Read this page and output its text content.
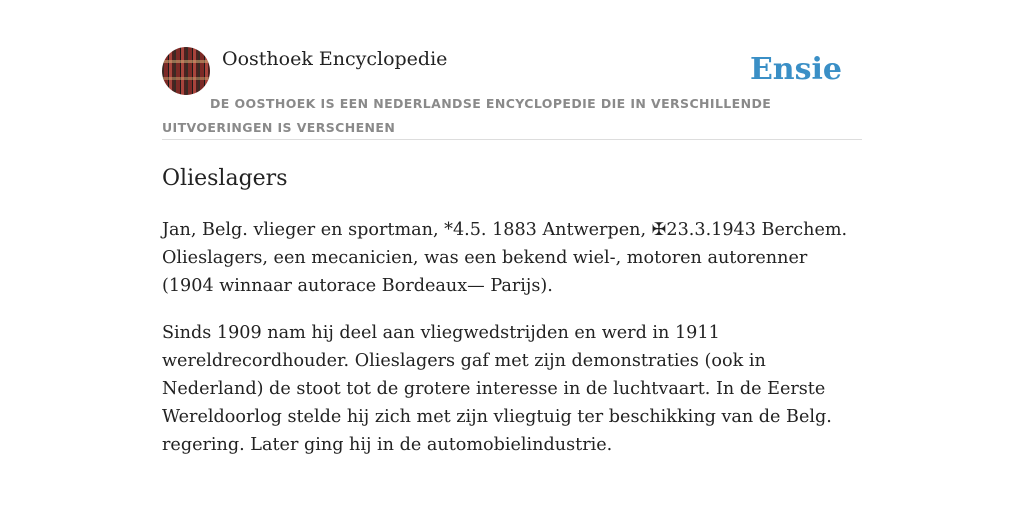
Oosthoek Encyclopedie	Ensie
DE OOSTHOEK IS EEN NEDERLANDSE ENCYCLOPEDIE DIE IN VERSCHILLENDE UITVOERINGEN IS VERSCHENEN
Olieslagers

Jan, Belg. vlieger en sportman, *4.5. 1883 Antwerpen, ✠23.3.1943 Berchem. Olieslagers, een mecanicien, was een bekend wiel-, motoren autorenner (1904 winnaar autorace Bordeaux— Parijs).

Sinds 1909 nam hij deel aan vliegwedstrijden en werd in 1911 wereldrecordhouder. Olieslagers gaf met zijn demonstraties (ook in Nederland) de stoot tot de grotere interesse in de luchtvaart. In de Eerste Wereldoorlog stelde hij zich met zijn vliegtuig ter beschikking van de Belg. regering. Later ging hij in de automobielindustrie.
